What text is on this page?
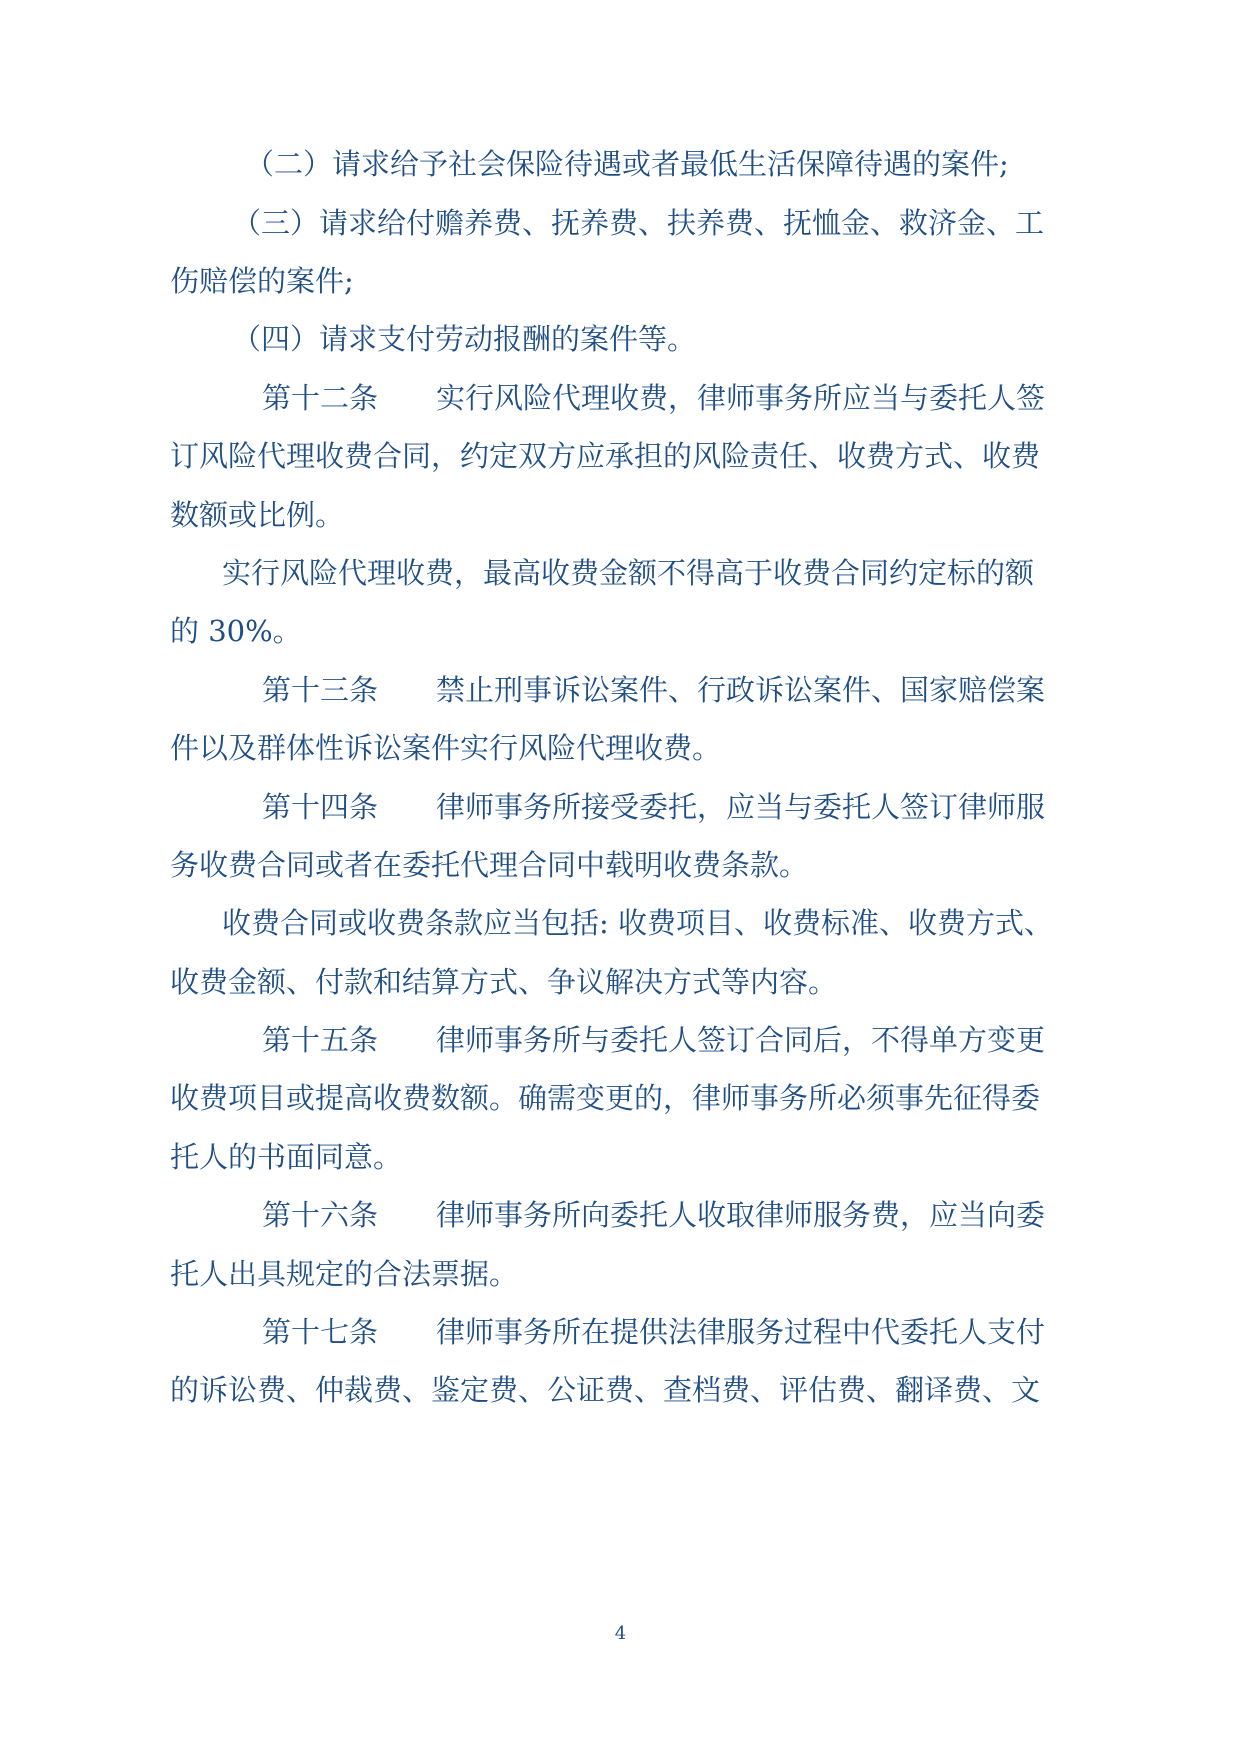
（二）请求给予社会保险待遇或者最低生活保障待遇的案件;

（三）请求给付赡养费、抚养费、扶养费、抚恤金、救济金、工

伤赔偿的案件;

（四）请求支付劳动报酬的案件等。

第十二条　　实行风险代理收费，律师事务所应当与委托人签

订风险代理收费合同，约定双方应承担的风险责任、收费方式、收费

数额或比例。

实行风险代理收费，最高收费金额不得高于收费合同约定标的额

的 30%。

第十三条　　禁止刑事诉讼案件、行政诉讼案件、国家赔偿案

件以及群体性诉讼案件实行风险代理收费。

第十四条　　律师事务所接受委托，应当与委托人签订律师服

务收费合同或者在委托代理合同中载明收费条款。

收费合同或收费条款应当包括: 收费项目、收费标准、收费方式、

收费金额、付款和结算方式、争议解决方式等内容。

第十五条　　律师事务所与委托人签订合同后，不得单方变更

收费项目或提高收费数额。确需变更的，律师事务所必须事先征得委

托人的书面同意。

第十六条　　律师事务所向委托人收取律师服务费，应当向委

托人出具规定的合法票据。

第十七条　　律师事务所在提供法律服务过程中代委托人支付

的诉讼费、仲裁费、鉴定费、公证费、查档费、评估费、翻译费、文

4
